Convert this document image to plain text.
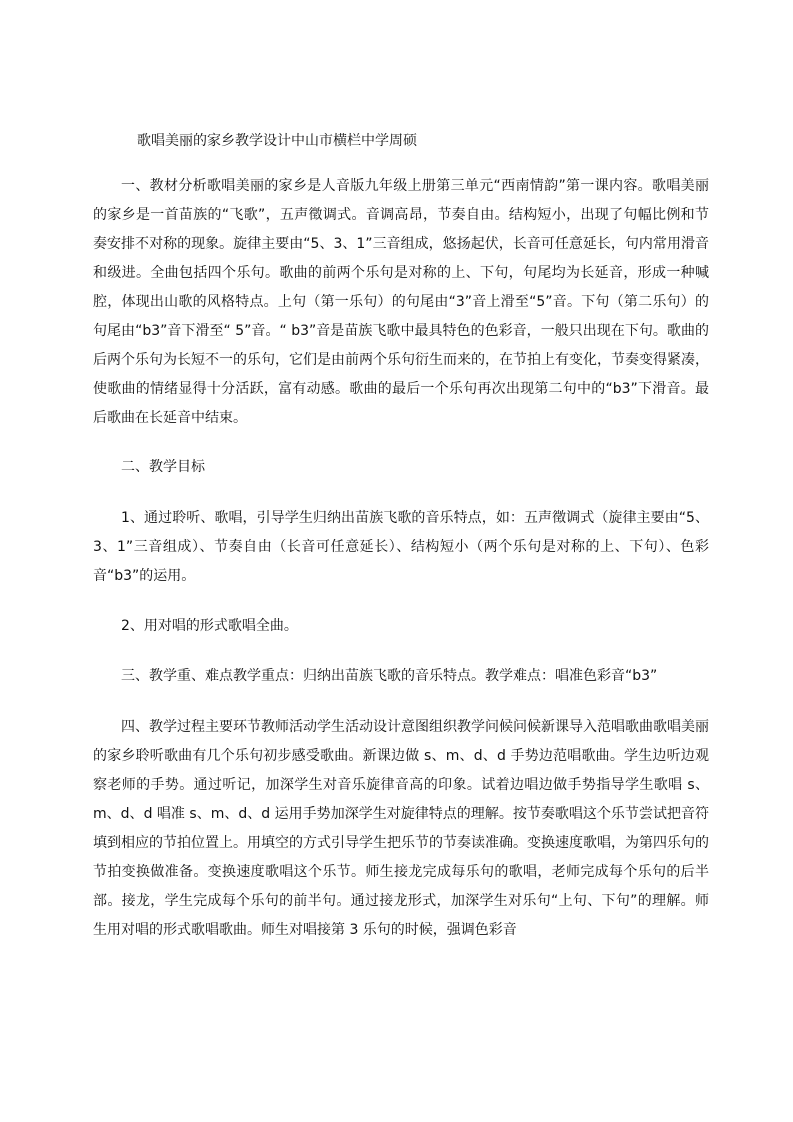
歌唱美丽的家乡教学设计中山市横栏中学周硕

一、教材分析歌唱美丽的家乡是人音版九年级上册第三单元“西南情韵”第一课内容。歌唱美丽的家乡是一首苗族的“飞歌”，五声徵调式。音调高昂，节奏自由。结构短小，出现了句幅比例和节奏安排不对称的现象。旋律主要由“5、3、1”三音组成，悠扬起伏，长音可任意延长，句内常用滑音和级进。全曲包括四个乐句。歌曲的前两个乐句是对称的上、下句，句尾均为长延音，形成一种喊腔，体现出山歌的风格特点。上句（第一乐句）的句尾由“3”音上滑至“5”音。下句（第二乐句）的句尾由“b3”音下滑至“ 5”音。“ b3”音是苗族飞歌中最具特色的色彩音，一般只出现在下句。歌曲的后两个乐句为长短不一的乐句，它们是由前两个乐句衍生而来的，在节拍上有变化，节奏变得紧凑，使歌曲的情绪显得十分活跃，富有动感。歌曲的最后一个乐句再次出现第二句中的“b3”下滑音。最后歌曲在长延音中结束。

二、教学目标

1、通过聆听、歌唱，引导学生归纳出苗族飞歌的音乐特点，如：五声徵调式（旋律主要由“5、3、1”三音组成）、节奏自由（长音可任意延长）、结构短小（两个乐句是对称的上、下句）、色彩音“b3”的运用。

2、用对唱的形式歌唱全曲。

三、教学重、难点教学重点：归纳出苗族飞歌的音乐特点。教学难点：唱准色彩音“b3”

四、教学过程主要环节教师活动学生活动设计意图组织教学问候问候新课导入范唱歌曲歌唱美丽的家乡聆听歌曲有几个乐句初步感受歌曲。新课边做 s、m、d、d 手势边范唱歌曲。学生边听边观察老师的手势。通过听记，加深学生对音乐旋律音高的印象。试着边唱边做手势指导学生歌唱 s、m、d、d 唱准 s、m、d、d 运用手势加深学生对旋律特点的理解。按节奏歌唱这个乐节尝试把音符填到相应的节拍位置上。用填空的方式引导学生把乐节的节奏读准确。变换速度歌唱，为第四乐句的节拍变换做准备。变换速度歌唱这个乐节。师生接龙完成每乐句的歌唱，老师完成每个乐句的后半部。接龙，学生完成每个乐句的前半句。通过接龙形式，加深学生对乐句“上句、下句”的理解。师生用对唱的形式歌唱歌曲。师生对唱接第 3 乐句的时候，强调色彩音
